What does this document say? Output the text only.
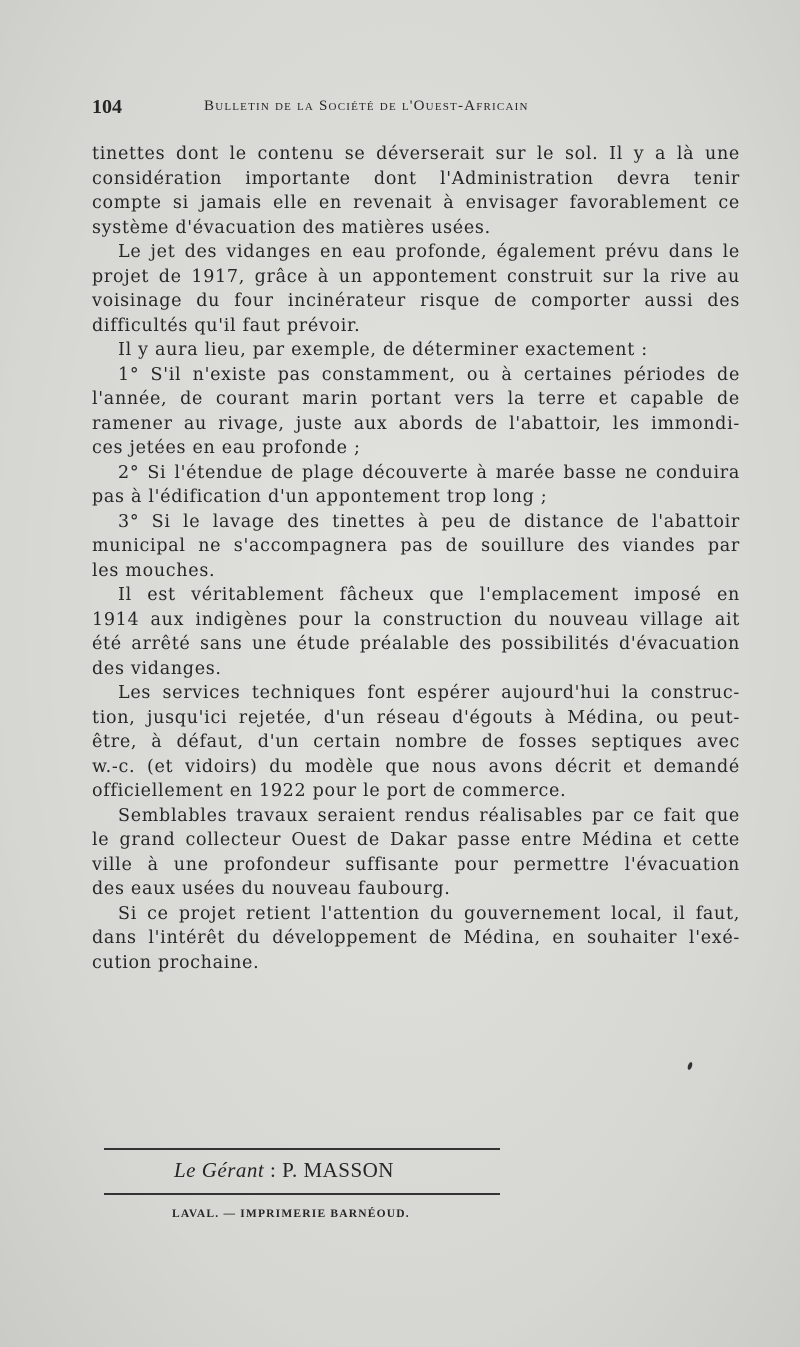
104	Bulletin de la Société de l'Ouest-Africain
tinettes dont le contenu se déverserait sur le sol. Il y a là une
considération importante dont l'Administration devra tenir
compte si jamais elle en revenait à envisager favorablement ce
système d'évacuation des matières usées.
Le jet des vidanges en eau profonde, également prévu dans le
projet de 1917, grâce à un appontement construit sur la rive au
voisinage du four incinérateur risque de comporter aussi des
difficultés qu'il faut prévoir.
Il y aura lieu, par exemple, de déterminer exactement :
1° S'il n'existe pas constamment, ou à certaines périodes de
l'année, de courant marin portant vers la terre et capable de
ramener au rivage, juste aux abords de l'abattoir, les immondi-
ces jetées en eau profonde ;
2° Si l'étendue de plage découverte à marée basse ne conduira
pas à l'édification d'un appontement trop long ;
3° Si le lavage des tinettes à peu de distance de l'abattoir
municipal ne s'accompagnera pas de souillure des viandes par
les mouches.
Il est véritablement fâcheux que l'emplacement imposé en
1914 aux indigènes pour la construction du nouveau village ait
été arrêté sans une étude préalable des possibilités d'évacuation
des vidanges.
Les services techniques font espérer aujourd'hui la construc-
tion, jusqu'ici rejetée, d'un réseau d'égouts à Médina, ou peut-
être, à défaut, d'un certain nombre de fosses septiques avec
w.-c. (et vidoirs) du modèle que nous avons décrit et demandé
officiellement en 1922 pour le port de commerce.
Semblables travaux seraient rendus réalisables par ce fait que
le grand collecteur Ouest de Dakar passe entre Médina et cette
ville à une profondeur suffisante pour permettre l'évacuation
des eaux usées du nouveau faubourg.
Si ce projet retient l'attention du gouvernement local, il faut,
dans l'intérêt du développement de Médina, en souhaiter l'exé-
cution prochaine.
Le Gérant : P. MASSON
LAVAL. — IMPRIMERIE BARNÉOUD.
